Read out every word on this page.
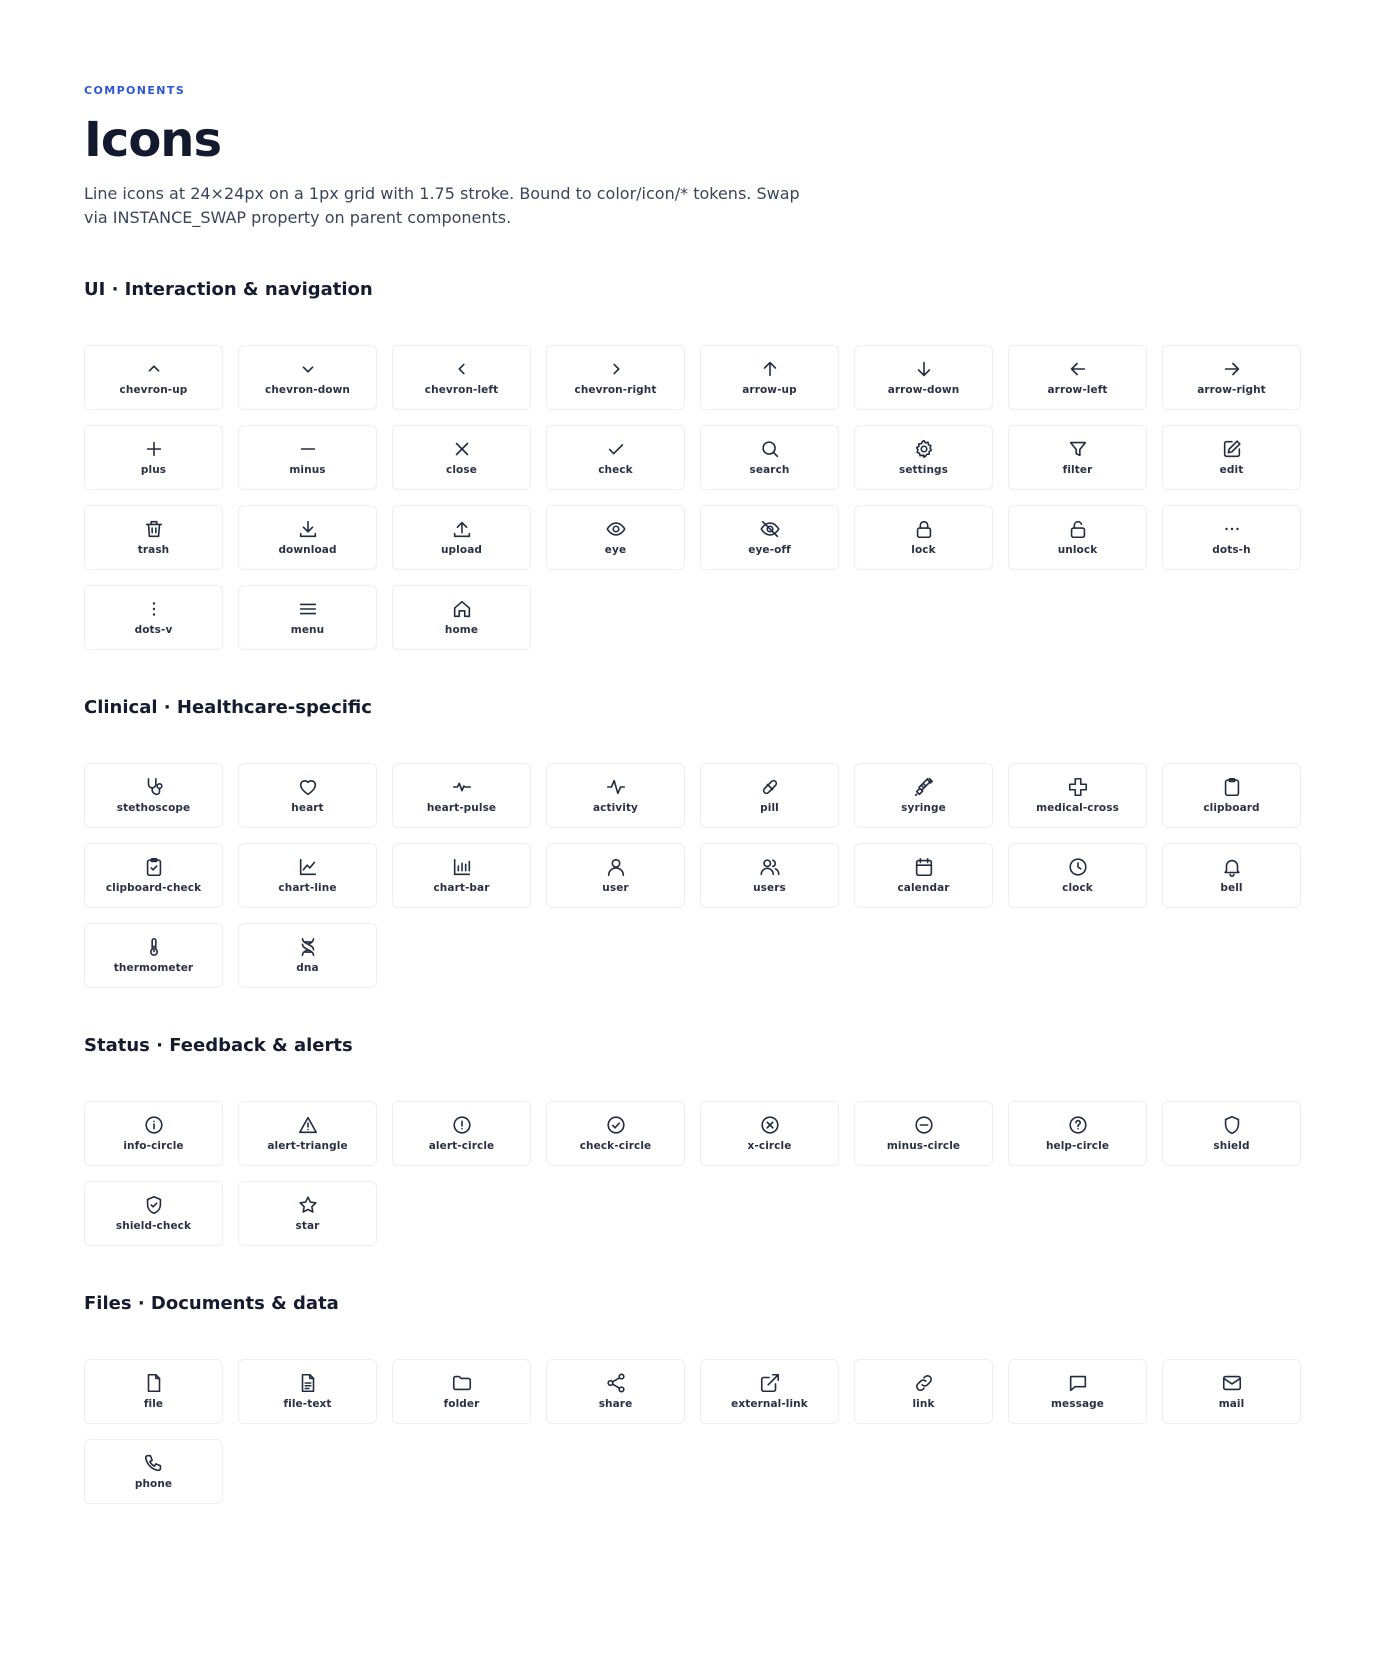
COMPONENTS
Icons

Line icons at 24×24px on a 1px grid with 1.75 stroke. Bound to color/icon/* tokens. Swap via INSTANCE_SWAP property on parent components.

UI · Interaction & navigation
chevron-up	chevron-down	chevron-left	chevron-right	arrow-up	arrow-down	arrow-left	arrow-right
plus	minus	close	check	search	settings	filter	edit
trash	download	upload	eye	eye-off	lock	unlock	dots-h
dots-v	menu	home
Clinical · Healthcare-specific
stethoscope	heart	heart-pulse	activity	pill	syringe	medical-cross	clipboard
clipboard-check	chart-line	chart-bar	user	users	calendar	clock	bell
thermometer	dna
Status · Feedback & alerts
info-circle	alert-triangle	alert-circle	check-circle	x-circle	minus-circle	help-circle	shield
shield-check	star
Files · Documents & data
file	file-text	folder	share	external-link	link	message	mail
phone
